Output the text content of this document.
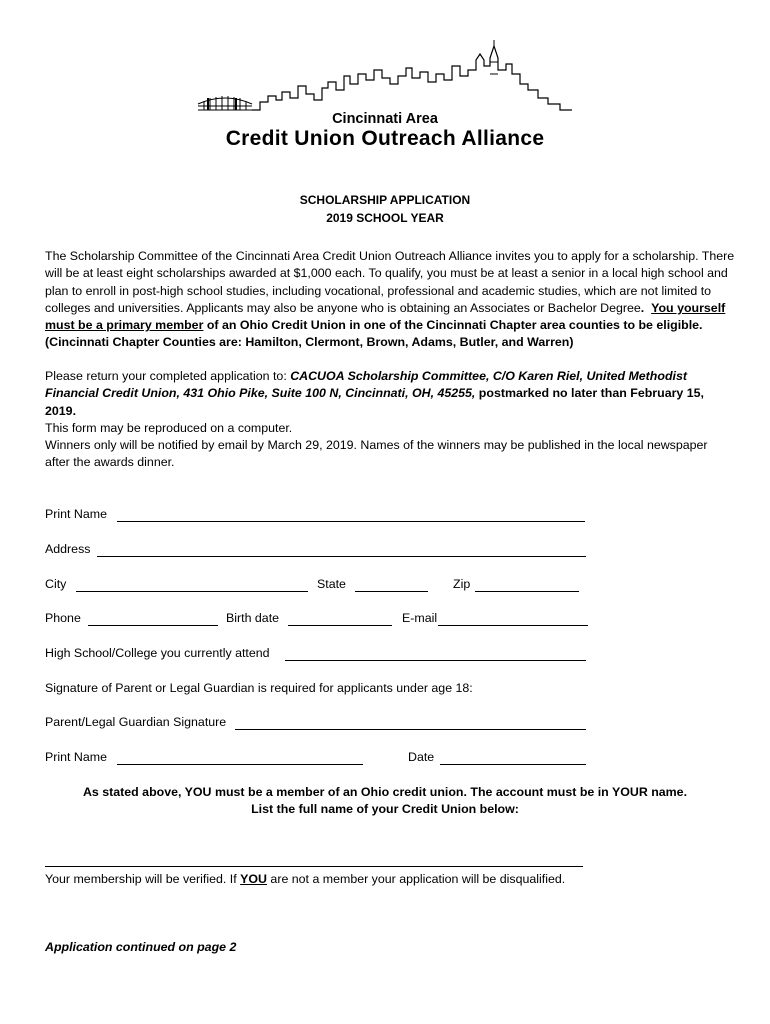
Cincinnati Area
Credit Union Outreach Alliance
SCHOLARSHIP APPLICATION
2019 SCHOOL YEAR
The Scholarship Committee of the Cincinnati Area Credit Union Outreach Alliance invites you to apply for a scholarship. There will be at least eight scholarships awarded at $1,000 each. To qualify, you must be at least a senior in a local high school and plan to enroll in post-high school studies, including vocational, professional and academic studies, which are not limited to colleges and universities. Applicants may also be anyone who is obtaining an Associates or Bachelor Degree. You yourself must be a primary member of an Ohio Credit Union in one of the Cincinnati Chapter area counties to be eligible. (Cincinnati Chapter Counties are: Hamilton, Clermont, Brown, Adams, Butler, and Warren)
Please return your completed application to: CACUOA Scholarship Committee, C/O Karen Riel, United Methodist Financial Credit Union, 431 Ohio Pike, Suite 100 N, Cincinnati, OH, 45255, postmarked no later than February 15, 2019.
This form may be reproduced on a computer.
Winners only will be notified by email by March 29, 2019. Names of the winners may be published in the local newspaper after the awards dinner.
Print Name
Address
City	State	Zip
Phone	Birth date	E-mail
High School/College you currently attend
Signature of Parent or Legal Guardian is required for applicants under age 18:
Parent/Legal Guardian Signature
Print Name	Date
As stated above, YOU must be a member of an Ohio credit union. The account must be in YOUR name.
List the full name of your Credit Union below:
Your membership will be verified. If YOU are not a member your application will be disqualified.
Application continued on page 2
